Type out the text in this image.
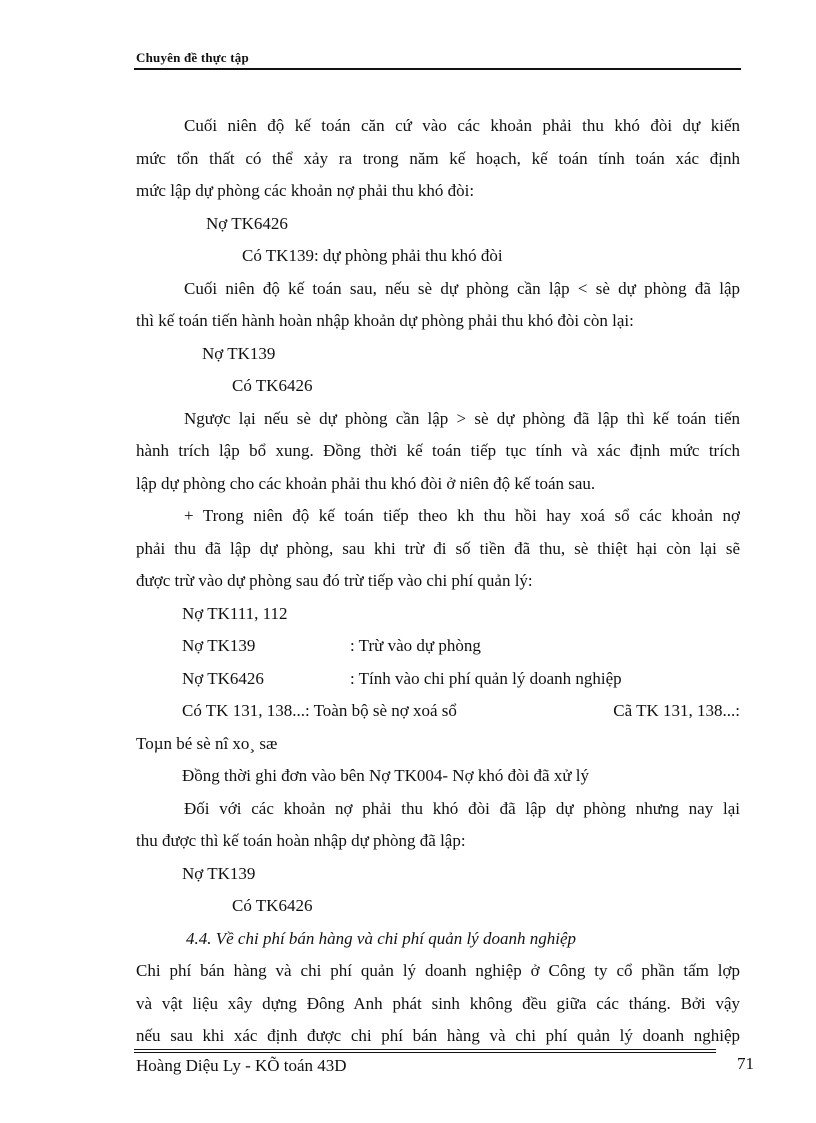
Chuyên đề thực tập
Cuối niên độ kế toán căn cứ vào các khoản phải thu khó đòi dự kiến
mức tổn thất có thể xảy ra trong năm kế hoạch, kế toán tính toán xác định
mức lập dự phòng các khoản nợ phải thu khó đòi:
Nợ TK6426
Có TK139: dự phòng phải thu khó đòi
Cuối niên độ kế toán sau, nếu sè dự phòng cần lập < sè dự phòng đã lập
thì kế toán tiến hành hoàn nhập khoản dự phòng phải thu khó đòi còn lại:
Nợ TK139
Có TK6426
Ngược lại nếu sè dự phòng cần lập > sè dự phòng đã lập thì kế toán tiến
hành trích lập bổ xung. Đồng thời kế toán tiếp tục tính và xác định mức trích
lập dự phòng cho các khoản phải thu khó đòi ở niên độ kế toán sau.
+ Trong niên độ kế toán tiếp theo kh thu hồi hay xoá sổ các khoản nợ
phải thu đã lập dự phòng, sau khi trừ đi số tiền đã thu, sè thiệt hại còn lại sẽ
được trừ vào dự phòng sau đó trừ tiếp vào chi phí quản lý:
Nợ TK111, 112
Nợ TK139	: Trừ vào dự phòng
Nợ TK6426	: Tính vào chi phí quản lý doanh nghiệp
Có TK 131, 138...: Toàn bộ sè nợ xoá sổ	Cã TK 131, 138...:
Toµn bé sè nî xo¸ sæ
Đồng thời ghi đơn vào bên Nợ TK004- Nợ khó đòi đã xử lý
Đối với các khoản nợ phải thu khó đòi đã lập dự phòng nhưng nay lại
thu được thì kế toán hoàn nhập dự phòng đã lập:
Nợ TK139
Có TK6426
4.4. Về chi phí bán hàng và chi phí quản lý doanh nghiệp
Chi phí bán hàng và chi phí quản lý doanh nghiệp ở Công ty cổ phần tấm lợp
và vật liệu xây dựng Đông Anh phát sinh không đều giữa các tháng. Bởi vậy
nếu sau khi xác định được chi phí bán hàng và chi phí quản lý doanh nghiệp
Hoàng Diệu Ly - KÕ toán 43D	71
